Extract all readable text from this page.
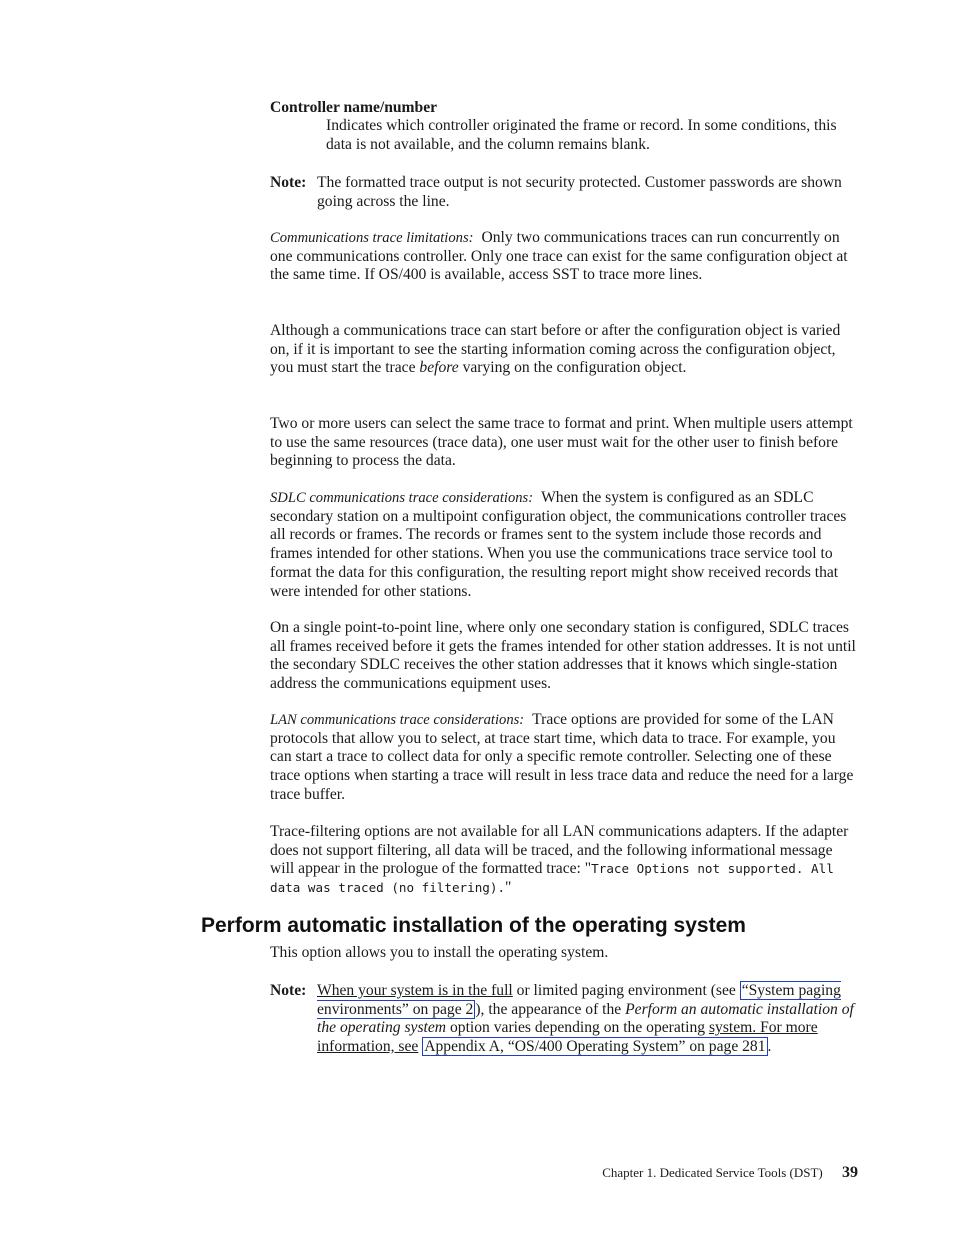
Controller name/number
Indicates which controller originated the frame or record. In some conditions, this data is not available, and the column remains blank.
Note: The formatted trace output is not security protected. Customer passwords are shown going across the line.
Communications trace limitations: Only two communications traces can run concurrently on one communications controller. Only one trace can exist for the same configuration object at the same time. If OS/400 is available, access SST to trace more lines.
Although a communications trace can start before or after the configuration object is varied on, if it is important to see the starting information coming across the configuration object, you must start the trace before varying on the configuration object.
Two or more users can select the same trace to format and print. When multiple users attempt to use the same resources (trace data), one user must wait for the other user to finish before beginning to process the data.
SDLC communications trace considerations: When the system is configured as an SDLC secondary station on a multipoint configuration object, the communications controller traces all records or frames. The records or frames sent to the system include those records and frames intended for other stations. When you use the communications trace service tool to format the data for this configuration, the resulting report might show received records that were intended for other stations.
On a single point-to-point line, where only one secondary station is configured, SDLC traces all frames received before it gets the frames intended for other station addresses. It is not until the secondary SDLC receives the other station addresses that it knows which single-station address the communications equipment uses.
LAN communications trace considerations: Trace options are provided for some of the LAN protocols that allow you to select, at trace start time, which data to trace. For example, you can start a trace to collect data for only a specific remote controller. Selecting one of these trace options when starting a trace will result in less trace data and reduce the need for a large trace buffer.
Trace-filtering options are not available for all LAN communications adapters. If the adapter does not support filtering, all data will be traced, and the following informational message will appear in the prologue of the formatted trace: "Trace Options not supported. All data was traced (no filtering)."
Perform automatic installation of the operating system
This option allows you to install the operating system.
Note: When your system is in the full or limited paging environment (see “System paging environments” on page 2 ), the appearance of the Perform an automatic installation of the operating system option varies depending on the operating system. For more information, see Appendix A, “OS/400 Operating System” on page 281 .
Chapter 1. Dedicated Service Tools (DST) 39
